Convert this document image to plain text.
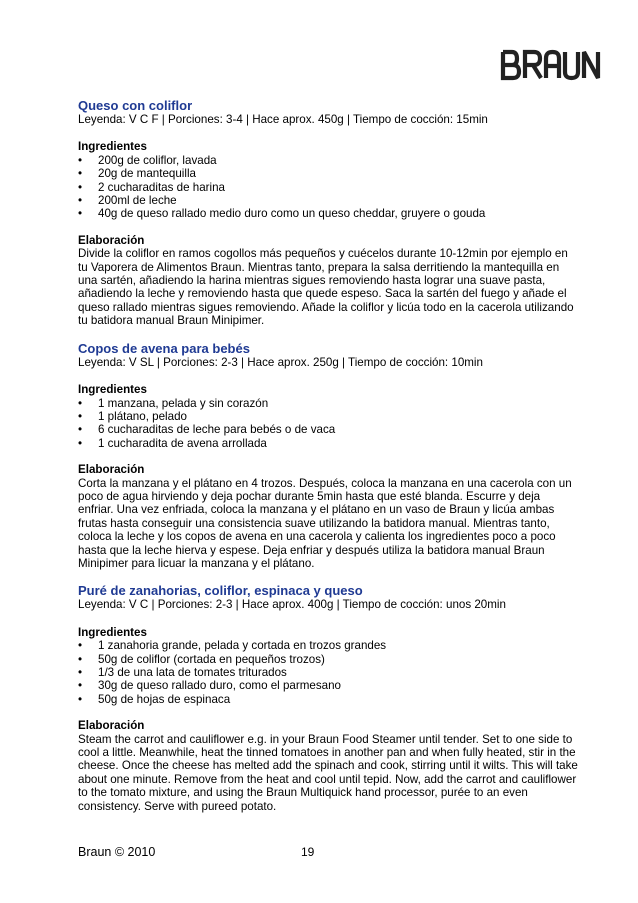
Queso con coliflor

Leyenda: V C F | Porciones: 3-4 | Hace aprox. 450g | Tiempo de cocción: 15min

Ingredientes

• 200g de coliflor, lavada
• 20g de mantequilla
• 2 cucharaditas de harina
• 200ml de leche
• 40g de queso rallado medio duro como un queso cheddar, gruyere o gouda

Elaboración

Divide la coliflor en ramos cogollos más pequeños y cuécelos durante 10-12min por ejemplo en tu Vaporera de Alimentos Braun. Mientras tanto, prepara la salsa derritiendo la mantequilla en una sartén, añadiendo la harina mientras sigues removiendo hasta lograr una suave pasta, añadiendo la leche y removiendo hasta que quede espeso. Saca la sartén del fuego y añade el queso rallado mientras sigues removiendo. Añade la coliflor y licúa todo en la cacerola utilizando tu batidora manual Braun Minipimer.

Copos de avena para bebés

Leyenda: V SL | Porciones: 2-3 | Hace aprox. 250g | Tiempo de cocción: 10min

Ingredientes

• 1 manzana, pelada y sin corazón
• 1 plátano, pelado
• 6 cucharaditas de leche para bebés o de vaca
• 1 cucharadita de avena arrollada

Elaboración

Corta la manzana y el plátano en 4 trozos. Después, coloca la manzana en una cacerola con un poco de agua hirviendo y deja pochar durante 5min hasta que esté blanda. Escurre y deja enfriar. Una vez enfriada, coloca la manzana y el plátano en un vaso de Braun y licúa ambas frutas hasta conseguir una consistencia suave utilizando la batidora manual. Mientras tanto, coloca la leche y los copos de avena en una cacerola y calienta los ingredientes poco a poco hasta que la leche hierva y espese. Deja enfriar y después utiliza la batidora manual Braun Minipimer para licuar la manzana y el plátano.

Puré de zanahorias, coliflor, espinaca y queso

Leyenda: V C | Porciones: 2-3 | Hace aprox. 400g | Tiempo de cocción: unos 20min

Ingredientes

• 1 zanahoria grande, pelada y cortada en trozos grandes
• 50g de coliflor (cortada en pequeños trozos)
• 1/3 de una lata de tomates triturados
• 30g de queso rallado duro, como el parmesano
• 50g de hojas de espinaca

Elaboración

Steam the carrot and cauliflower e.g. in your Braun Food Steamer until tender. Set to one side to cool a little. Meanwhile, heat the tinned tomatoes in another pan and when fully heated, stir in the cheese. Once the cheese has melted add the spinach and cook, stirring until it wilts. This will take about one minute. Remove from the heat and cool until tepid. Now, add the carrot and cauliflower to the tomato mixture, and using the Braun Multiquick hand processor, purée to an even consistency. Serve with pureed potato.

Braun © 2010	19
